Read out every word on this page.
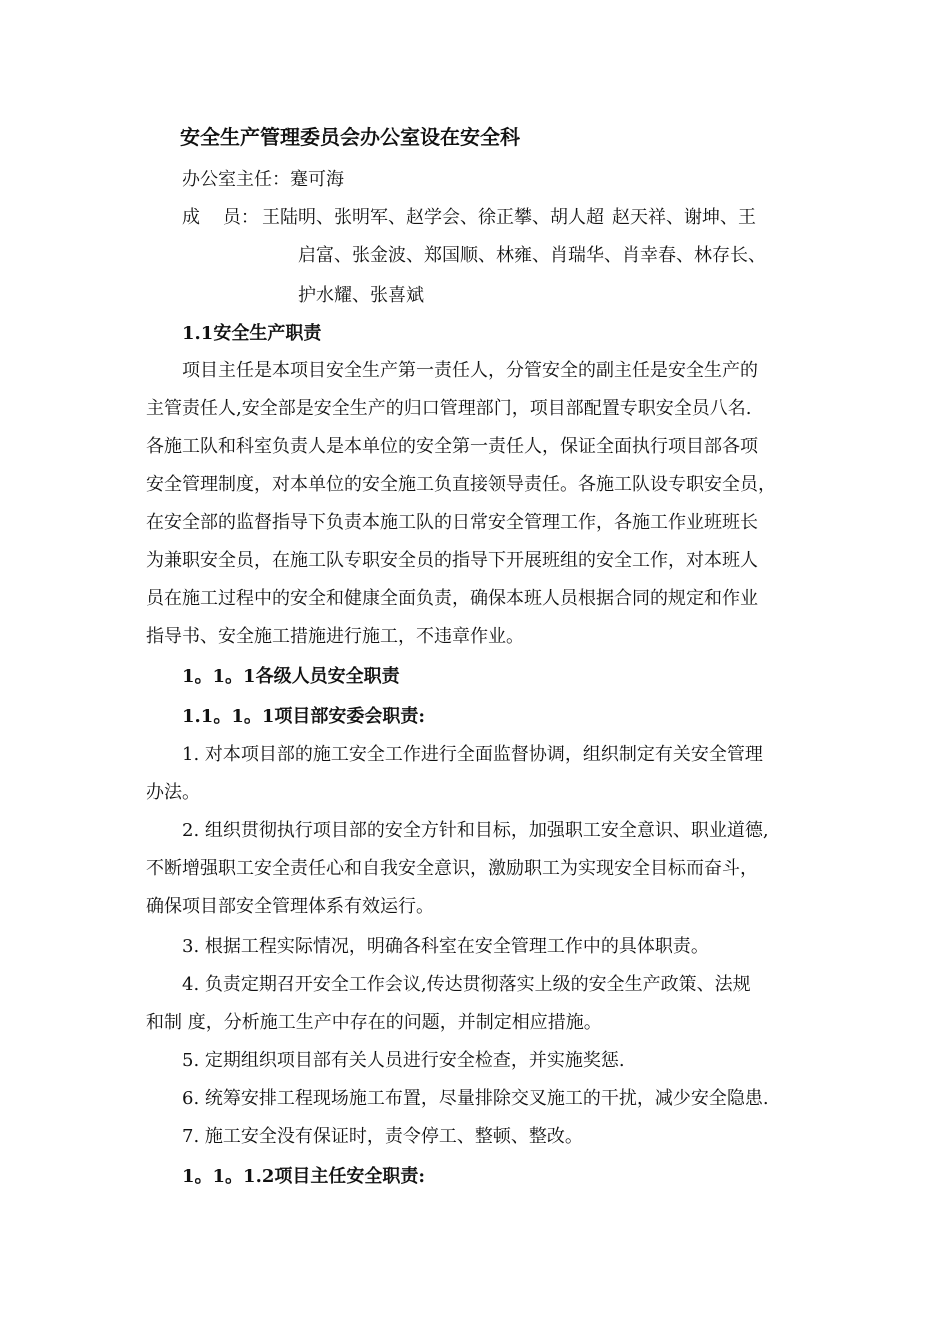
安全生产管理委员会办公室设在安全科
办公室主任：蹇可海
成    员： 王陆明、张明军、赵学会、徐正攀、胡人超 赵天祥、谢坤、王
启富、张金波、郑国顺、林雍、肖瑞华、肖幸春、林存长、
护水耀、张喜斌
1.1安全生产职责
项目主任是本项目安全生产第一责任人，分管安全的副主任是安全生产的
主管责任人,安全部是安全生产的归口管理部门，项目部配置专职安全员八名.
各施工队和科室负责人是本单位的安全第一责任人，保证全面执行项目部各项
安全管理制度，对本单位的安全施工负直接领导责任。各施工队设专职安全员，
在安全部的监督指导下负责本施工队的日常安全管理工作，各施工作业班班长
为兼职安全员，在施工队专职安全员的指导下开展班组的安全工作，对本班人
员在施工过程中的安全和健康全面负责，确保本班人员根据合同的规定和作业
指导书、安全施工措施进行施工，不违章作业。
1。1。1各级人员安全职责
1.1。1。1项目部安委会职责:
1. 对本项目部的施工安全工作进行全面监督协调，组织制定有关安全管理
办法。
2. 组织贯彻执行项目部的安全方针和目标，加强职工安全意识、职业道德,
不断增强职工安全责任心和自我安全意识，激励职工为实现安全目标而奋斗，
确保项目部安全管理体系有效运行。
3. 根据工程实际情况，明确各科室在安全管理工作中的具体职责。
4. 负责定期召开安全工作会议,传达贯彻落实上级的安全生产政策、法规
和制 度，分析施工生产中存在的问题，并制定相应措施。
5. 定期组织项目部有关人员进行安全检查，并实施奖惩.
6. 统筹安排工程现场施工布置，尽量排除交叉施工的干扰，减少安全隐患.
7. 施工安全没有保证时，责令停工、整顿、整改。
1。1。1.2项目主任安全职责:
